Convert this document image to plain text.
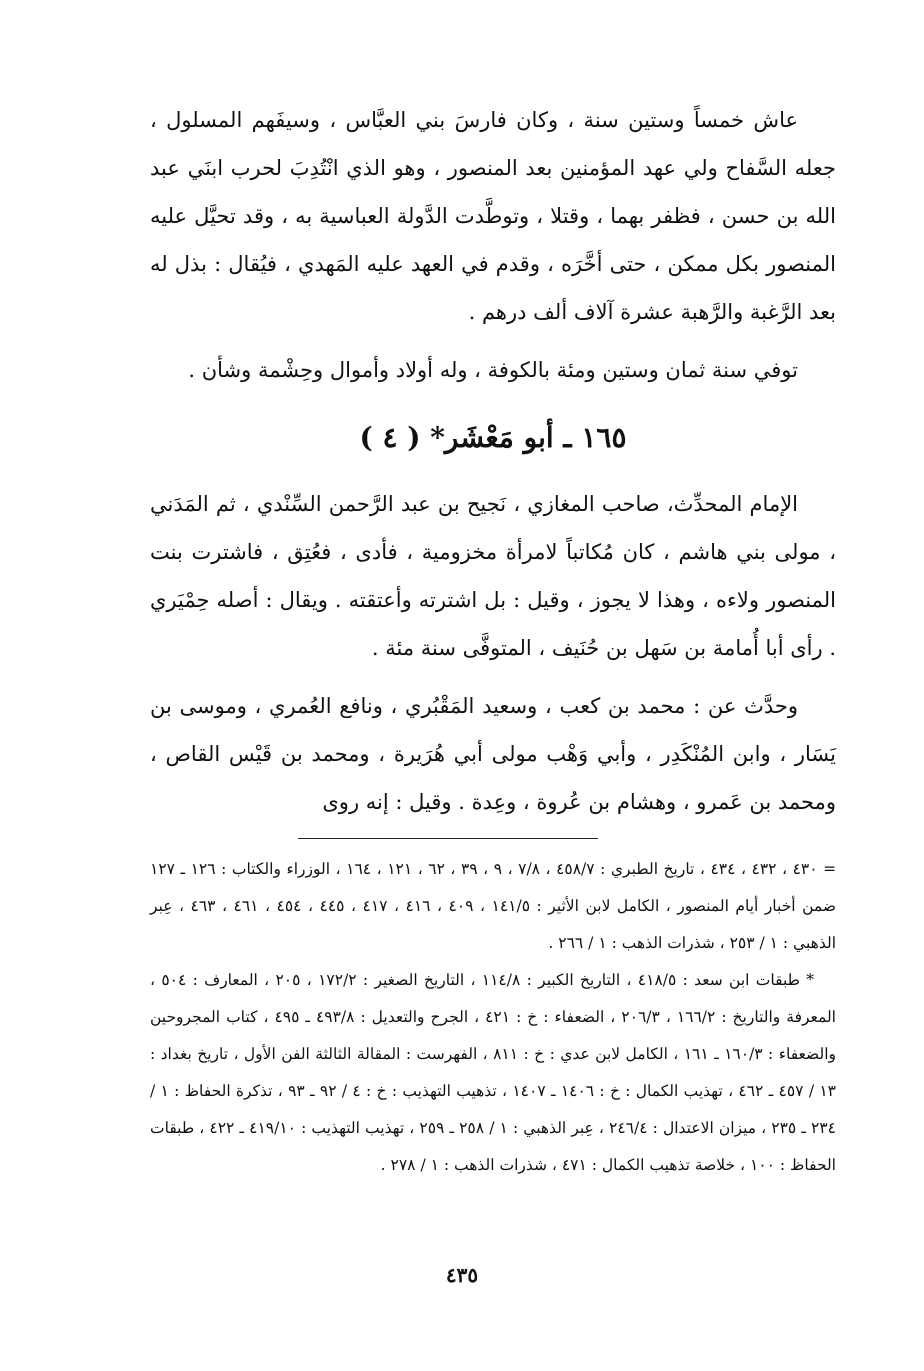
عاش خمساً وستين سنة ، وكان فارسَ بني العبَّاس ، وسيفَهم المسلول ، جعله السَّفاح ولي عهد المؤمنين بعد المنصور ، وهو الذي انْتُدِبَ لحرب ابنَي عبد الله بن حسن ، فظفر بهما ، وقتلا ، وتوطَّدت الدَّولة العباسية به ، وقد تحيَّل عليه المنصور بكل ممكن ، حتى أخَّرَه ، وقدم في العهد عليه المَهدي ، فيُقال : بذل له بعد الرَّغبة والرَّهبة عشرة آلاف ألف درهم .

توفي سنة ثمان وستين ومئة بالكوفة ، وله أولاد وأموال وحِشْمة وشأن .

١٦٥ ـ أبو مَعْشَر* ( ٤ )

الإمام المحدِّث، صاحب المغازي ، نَجيح بن عبد الرَّحمن السِّنْدي ، ثم المَدَني ، مولى بني هاشم ، كان مُكاتباً لامرأة مخزومية ، فأدى ، فعُتِق ، فاشترت بنت المنصور ولاءه ، وهذا لا يجوز ، وقيل : بل اشترته وأعتقته . ويقال : أصله حِمْيَري . رأى أبا أُمامة بن سَهل بن حُنَيف ، المتوفَّى سنة مئة .

وحدَّث عن : محمد بن كعب ، وسعيد المَقْبُري ، ونافع العُمري ، وموسى بن يَسَار ، وابن المُنْكَدِر ، وأبي وَهْب مولى أبي هُرَيرة ، ومحمد بن قَيْس القاص ، ومحمد بن عَمرو ، وهشام بن عُروة ، وعِدة . وقيل : إنه روى

= ٤٣٠ ، ٤٣٢ ، ٤٣٤ ، تاريخ الطبري : ٤٥٨/٧ ، ٧/٨ ، ٩ ، ٣٩ ، ٦٢ ، ١٢١ ، ١٦٤ ، الوزراء والكتاب : ١٢٦ ـ ١٢٧ ضمن أخبار أيام المنصور ، الكامل لابن الأثير : ١٤١/٥ ، ٤٠٩ ، ٤١٦ ، ٤١٧ ، ٤٤٥ ، ٤٥٤ ، ٤٦١ ، ٤٦٣ ، عِبر الذهبي : ١ / ٢٥٣ ، شذرات الذهب : ١ / ٢٦٦ .

* طبقات ابن سعد : ٤١٨/٥ ، التاريخ الكبير : ١١٤/٨ ، التاريخ الصغير : ١٧٢/٢ ، ٢٠٥ ، المعارف : ٥٠٤ ، المعرفة والتاريخ : ١٦٦/٢ ، ٢٠٦/٣ ، الضعفاء : خ : ٤٢١ ، الجرح والتعديل : ٤٩٣/٨ ـ ٤٩٥ ، كتاب المجروحين والضعفاء : ١٦٠/٣ ـ ١٦١ ، الكامل لابن عدي : خ : ٨١١ ، الفهرست : المقالة الثالثة الفن الأول ، تاريخ بغداد : ١٣ / ٤٥٧ ـ ٤٦٢ ، تهذيب الكمال : خ : ١٤٠٦ ـ ١٤٠٧ ، تذهيب التهذيب : خ : ٤ / ٩٢ ـ ٩٣ ، تذكرة الحفاظ : ١ / ٢٣٤ ـ ٢٣٥ ، ميزان الاعتدال : ٢٤٦/٤ ، عِبر الذهبي : ١ / ٢٥٨ ـ ٢٥٩ ، تهذيب التهذيب : ٤١٩/١٠ ـ ٤٢٢ ، طبقات الحفاظ : ١٠٠ ، خلاصة تذهيب الكمال : ٤٧١ ، شذرات الذهب : ١ / ٢٧٨ .

٤٣٥
